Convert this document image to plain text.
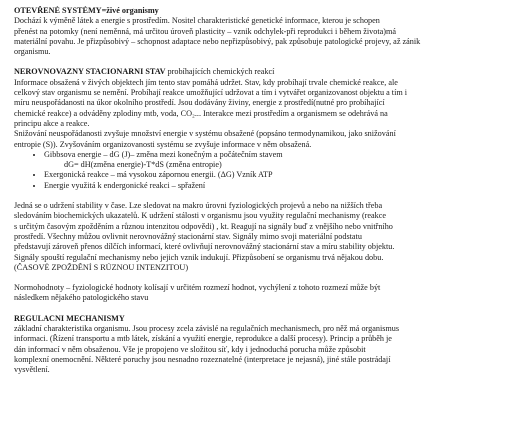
OTEVŘENÉ SYSTÉMY=živé organismy
Dochází k výměně látek a energie s prostředím. Nositel charakteristické genetické informace, kterou je schopen
přenést na potomky (není neměnná, má určitou úroveň plasticity – vznik odchylek-při reprodukci i během života)má
materiální povahu. Je přizpůsobivý – schopnost adaptace nebo nepřizpůsobivý, pak způsobuje patologické projevy, až zánik
organismu.
NEROVNOVAZNY STACIONARNI STAV probíhajících chemických reakcí
Informace obsažená v živých objektech jím tento stav pomáhá udržet. Stav, kdy probíhají trvale chemické reakce, ale
celkový stav organismu se nemění. Probíhají reakce umožňující udržovat a tím i vytvářet organizovanost objektu a tím i
míru neuspořádanosti na úkor okolního prostředí. Jsou dodávány živiny, energie z prostředí(nutné pro probíhající
chemické reakce) a odváděny zplodiny mtb, voda, CO₂... Interakce mezi prostředím a organismem se odehrává na
principu akce a reakce.
Snižování neuspořádanosti zvyšuje množství energie v systému obsažené (popsáno termodynamikou, jako snižování
entropie (S)). Zvyšováním organizovanosti systému se zvyšuje informace v něm obsažená.
• Gibbsova energie – dG (J)– změna mezi konečným a počátečním stavem
dG= dH(změna energie)-T*dS (změna entropie)
• Exergonická reakce – má vysokou zápornou energii. (ΔG) Vzník ATP
• Energie využitá k endergonické reakci – spřažení
Jedná se o udržení stability v čase. Lze sledovat na makro úrovni fyziologických projevů a nebo na nižších třeba
sledováním biochemických ukazatelů. K udržení stálosti v organismu jsou využity regulační mechanismy (reakce
s určitým časovým zpožděním a různou intenzitou odpovědi) , kt. Reagují na signály buď z vnějšího nebo vnitřního
prostředí. Všechny můžou ovlivnit nerovnovážný stacionární stav. Signály mimo svoji materiální podstatu
představují zároveň přenos dílčích informací, které ovlivňují nerovnovážný stacionární stav a míru stability objektu.
Signály spouští regulační mechanismy nebo jejich vznik indukují. Přizpůsobení se organismu trvá nějakou dobu.
(ČASOVÉ ZPOŽDĚNÍ S RŮZNOU INTENZITOU)
Normohodnoty – fyziologické hodnoty kolísají v určitém rozmezí hodnot, vychýlení z tohoto rozmezí může být
následkem nějakého patologického stavu
REGULACNI MECHANISMY
základní charakteristika organismu. Jsou procesy zcela závislé na regulačních mechanismech, pro něž má organismus
informaci. (Řízení transportu a mtb látek, získání a využití energie, reprodukce a další procesy). Princip a průběh je
dán informací v něm obsaženou. Vše je propojeno ve složitou síť, kdy i jednoduchá porucha může způsobit
komplexní onemocnění. Některé poruchy jsou nesnadno rozeznatelné (interpretace je nejasná), jiné stále postrádají
vysvětlení.
